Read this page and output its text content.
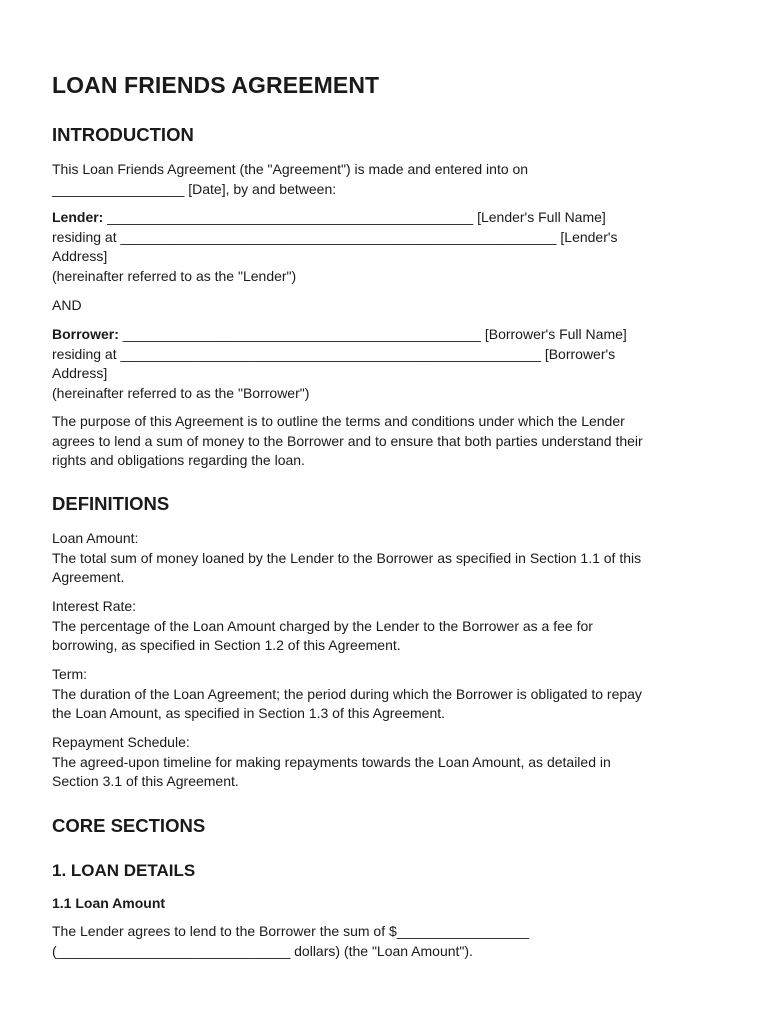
LOAN FRIENDS AGREEMENT
INTRODUCTION

This Loan Friends Agreement (the "Agreement") is made and entered into on
_________________ [Date], by and between:

Lender: _______________________________________________ [Lender's Full Name]
residing at ________________________________________________________ [Lender's
Address]
(hereinafter referred to as the "Lender")

AND

Borrower: ______________________________________________ [Borrower's Full Name]
residing at ______________________________________________________ [Borrower's
Address]
(hereinafter referred to as the "Borrower")

The purpose of this Agreement is to outline the terms and conditions under which the Lender
agrees to lend a sum of money to the Borrower and to ensure that both parties understand their
rights and obligations regarding the loan.

DEFINITIONS

Loan Amount:
The total sum of money loaned by the Lender to the Borrower as specified in Section 1.1 of this
Agreement.

Interest Rate:
The percentage of the Loan Amount charged by the Lender to the Borrower as a fee for
borrowing, as specified in Section 1.2 of this Agreement.

Term:
The duration of the Loan Agreement; the period during which the Borrower is obligated to repay
the Loan Amount, as specified in Section 1.3 of this Agreement.

Repayment Schedule:
The agreed-upon timeline for making repayments towards the Loan Amount, as detailed in
Section 3.1 of this Agreement.

CORE SECTIONS
1. LOAN DETAILS
1.1 Loan Amount

The Lender agrees to lend to the Borrower the sum of $_________________
(______________________________ dollars) (the "Loan Amount").
